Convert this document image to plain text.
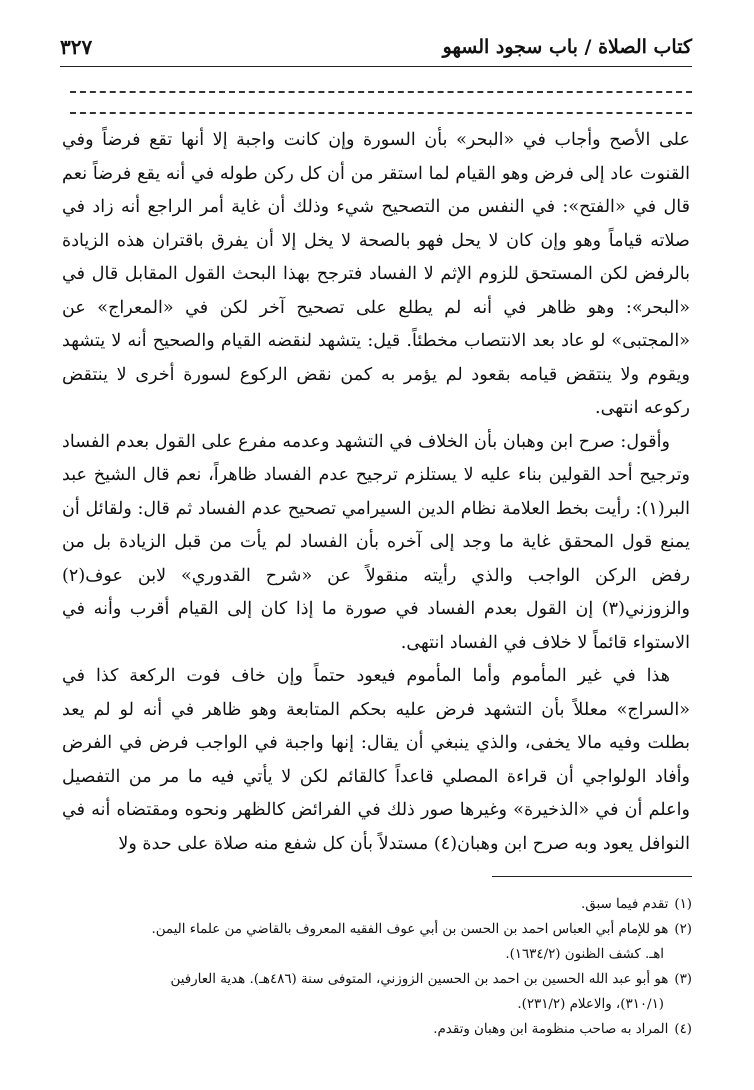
كتاب الصلاة / باب سجود السهو
٣٢٧

على الأصح وأجاب في «البحر» بأن السورة وإن كانت واجبة إلا أنها تقع فرضاً وفي القنوت عاد إلى فرض وهو القيام لما استقر من أن كل ركن طوله في أنه يقع فرضاً نعم قال في «الفتح»: في النفس من التصحيح شيء وذلك أن غاية أمر الراجع أنه زاد في صلاته قياماً وهو وإن كان لا يحل فهو بالصحة لا يخل إلا أن يفرق باقتران هذه الزيادة بالرفض لكن المستحق للزوم الإثم لا الفساد فترجح بهذا البحث القول المقابل قال في «البحر»: وهو ظاهر في أنه لم يطلع على تصحيح آخر لكن في «المعراج» عن «المجتبى» لو عاد بعد الانتصاب مخطئاً. قيل: يتشهد لنقضه القيام والصحيح أنه لا يتشهد ويقوم ولا ينتقض قيامه بقعود لم يؤمر به كمن نقض الركوع لسورة أخرى لا ينتقض ركوعه انتهى.

وأقول: صرح ابن وهبان بأن الخلاف في التشهد وعدمه مفرع على القول بعدم الفساد وترجيح أحد القولين بناء عليه لا يستلزم ترجيح عدم الفساد ظاهراً، نعم قال الشيخ عبد البر(١): رأيت بخط العلامة نظام الدين السيرامي تصحيح عدم الفساد ثم قال: ولقائل أن يمنع قول المحقق غاية ما وجد إلى آخره بأن الفساد لم يأت من قبل الزيادة بل من رفض الركن الواجب والذي رأيته منقولاً عن «شرح القدوري» لابن عوف(٢) والزوزني(٣) إن القول بعدم الفساد في صورة ما إذا كان إلى القيام أقرب وأنه في الاستواء قائماً لا خلاف في الفساد انتهى.

هذا في غير المأموم وأما المأموم فيعود حتماً وإن خاف فوت الركعة كذا في «السراج» معللاً بأن التشهد فرض عليه بحكم المتابعة وهو ظاهر في أنه لو لم يعد بطلت وفيه مالا يخفى، والذي ينبغي أن يقال: إنها واجبة في الواجب فرض في الفرض وأفاد الولواجي أن قراءة المصلي قاعداً كالقائم لكن لا يأتي فيه ما مر من التفصيل واعلم أن في «الذخيرة» وغيرها صور ذلك في الفرائض كالظهر ونحوه ومقتضاه أنه في النوافل يعود وبه صرح ابن وهبان(٤) مستدلاً بأن كل شفع منه صلاة على حدة ولا

(١)تقدم فيما سبق.

(٢)هو للإمام أبي العباس احمد بن الحسن بن أبي عوف الفقيه المعروف بالقاضي من علماء اليمن.

اهـ. كشف الظنون (١٦٣٤/٢).

(٣)هو أبو عبد الله الحسين بن احمد بن الحسين الزوزني، المتوفى سنة (٤٨٦هـ). هدية العارفين

(٣١٠/١)، والاعلام (٢٣١/٢).

(٤)المراد به صاحب منظومة ابن وهبان وتقدم.
